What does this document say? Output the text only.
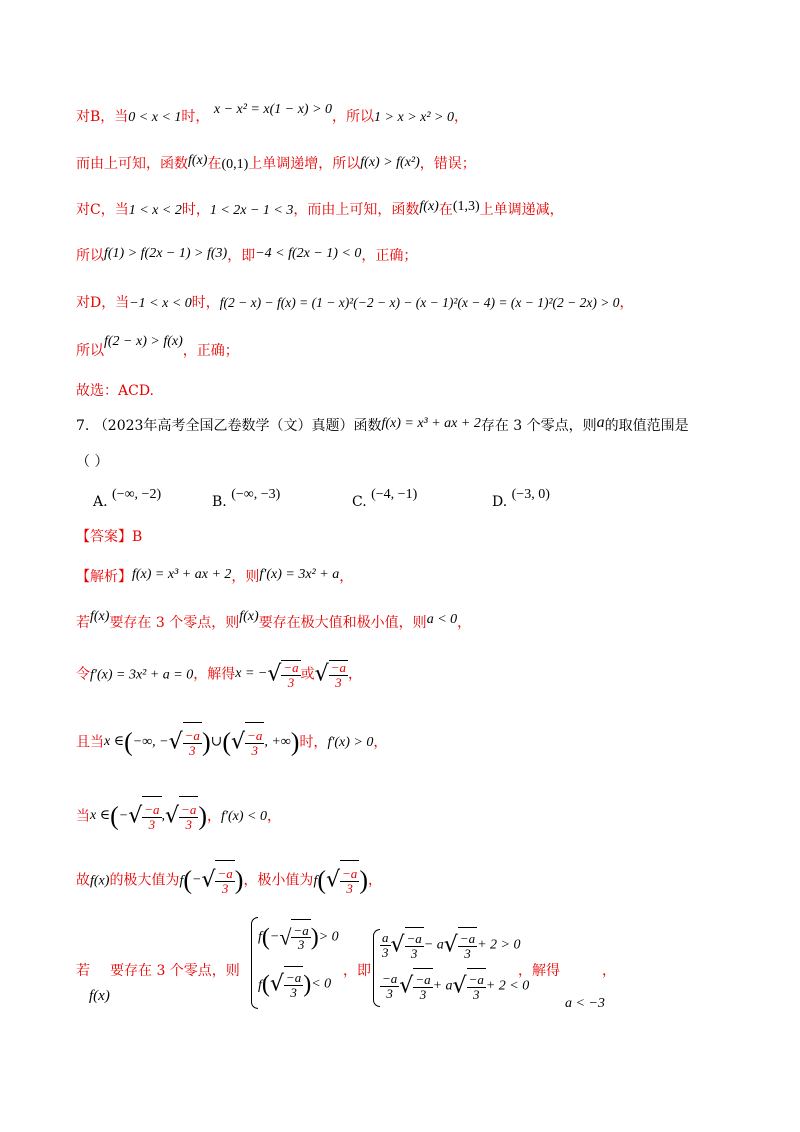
对B，当0 < x < 1时， x − x² = x(1 − x) > 0，所以1 > x > x² > 0，
而由上可知，函数f(x)在(0,1)上单调递增，所以f(x) > f(x²)，错误；
对C，当1 < x < 2时，1 < 2x − 1 < 3，而由上可知，函数f(x)在(1,3)上单调递减，
所以f(1) > f(2x − 1) > f(3)，即−4 < f(2x − 1) < 0，正确；
对D，当−1 < x < 0时，f(2 − x) − f(x) = (1 − x)²(−2 − x) − (x − 1)²(x − 4) = (x − 1)²(2 − 2x) > 0，
所以f(2 − x) > f(x)，正确；
故选：ACD.
7. （2023年高考全国乙卷数学（文）真题）函数f(x) = x³ + ax + 2存在 3 个零点，则a的取值范围是
（ ）
A. (−∞, −2)	B. (−∞, −3)	C. (−4, −1)	D. (−3, 0)
【答案】B
【解析】f(x) = x³ + ax + 2，则f′(x) = 3x² + a，
若f(x)要存在 3 个零点，则f(x)要存在极大值和极小值，则a < 0，
令f′(x) = 3x² + a = 0，解得x = −√ $\frac{-a}{3}$ 或√ $\frac{-a}{3}$ ，
且当x ∈(−∞, −√ $\frac{-a}{3}$ )∪(√ $\frac{-a}{3}$ , +∞)时，f′(x) > 0，
当x ∈(−√ $\frac{-a}{3}$ ,√ $\frac{-a}{3}$ )，f′(x) < 0，
故f(x)的极大值为$f(-√ \frac{-a}{3}$ )，极小值为$f(√ \frac{-a}{3}$ )，
若 要存在 3 个零点，则
f(x)
$f(-√ \frac{-a}{3}$ )> 0
$f(√ \frac{-a}{3}$ )< 0
，即
$\frac{a}{3}$ √ $\frac{-a}{3} - a√ \frac{-a}{3} + 2 > 0$
$\frac{-a}{3}$ √ $\frac{-a}{3} + a√ \frac{-a}{3} + 2 < 0$
，解得	，
a < −3
